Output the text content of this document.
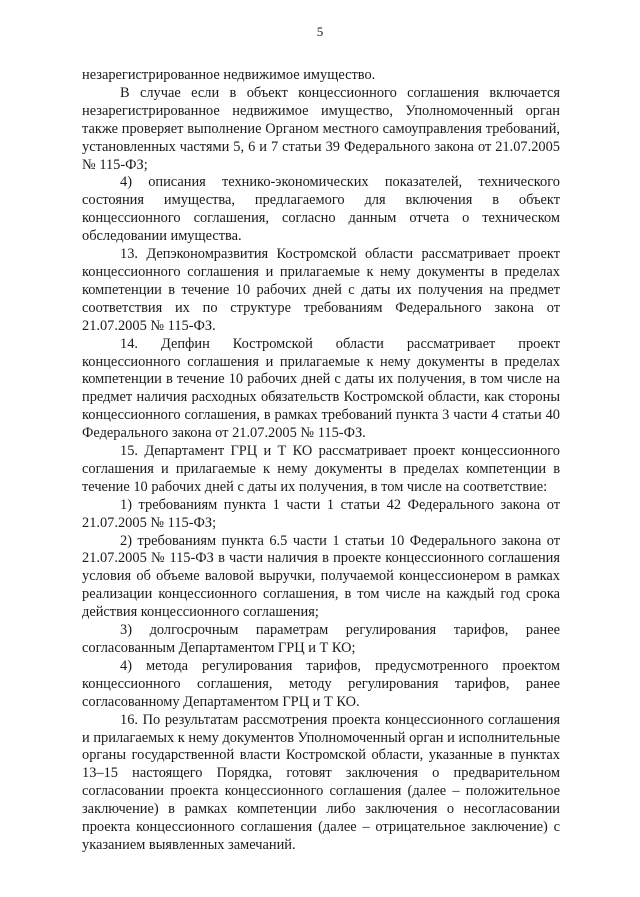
5

незарегистрированное недвижимое имущество.

В случае если в объект концессионного соглашения включается незарегистрированное недвижимое имущество, Уполномоченный орган также проверяет выполнение Органом местного самоуправления требований, установленных частями 5, 6 и 7 статьи 39 Федерального закона от 21.07.2005 № 115-ФЗ;

4) описания технико-экономических показателей, технического состояния имущества, предлагаемого для включения в объект концессионного соглашения, согласно данным отчета о техническом обследовании имущества.

13. Депэкономразвития Костромской области рассматривает проект концессионного соглашения и прилагаемые к нему документы в пределах компетенции в течение 10 рабочих дней с даты их получения на предмет соответствия их по структуре требованиям Федерального закона от 21.07.2005 № 115-ФЗ.

14. Депфин Костромской области рассматривает проект концессионного соглашения и прилагаемые к нему документы в пределах компетенции в течение 10 рабочих дней с даты их получения, в том числе на предмет наличия расходных обязательств Костромской области, как стороны концессионного соглашения, в рамках требований пункта 3 части 4 статьи 40 Федерального закона от 21.07.2005 № 115-ФЗ.

15. Департамент ГРЦ и Т КО рассматривает проект концессионного соглашения и прилагаемые к нему документы в пределах компетенции в течение 10 рабочих дней с даты их получения, в том числе на соответствие:

1) требованиям пункта 1 части 1 статьи 42 Федерального закона от 21.07.2005 № 115-ФЗ;

2) требованиям пункта 6.5 части 1 статьи 10 Федерального закона от 21.07.2005 № 115-ФЗ в части наличия в проекте концессионного соглашения условия об объеме валовой выручки, получаемой концессионером в рамках реализации концессионного соглашения, в том числе на каждый год срока действия концессионного соглашения;

3) долгосрочным параметрам регулирования тарифов, ранее согласованным Департаментом ГРЦ и Т КО;

4) метода регулирования тарифов, предусмотренного проектом концессионного соглашения, методу регулирования тарифов, ранее согласованному Департаментом ГРЦ и Т КО.

16. По результатам рассмотрения проекта концессионного соглашения и прилагаемых к нему документов Уполномоченный орган и исполнительные органы государственной власти Костромской области, указанные в пунктах 13–15 настоящего Порядка, готовят заключения о предварительном согласовании проекта концессионного соглашения (далее – положительное заключение) в рамках компетенции либо заключения о несогласовании проекта концессионного соглашения (далее – отрицательное заключение) с указанием выявленных замечаний.
